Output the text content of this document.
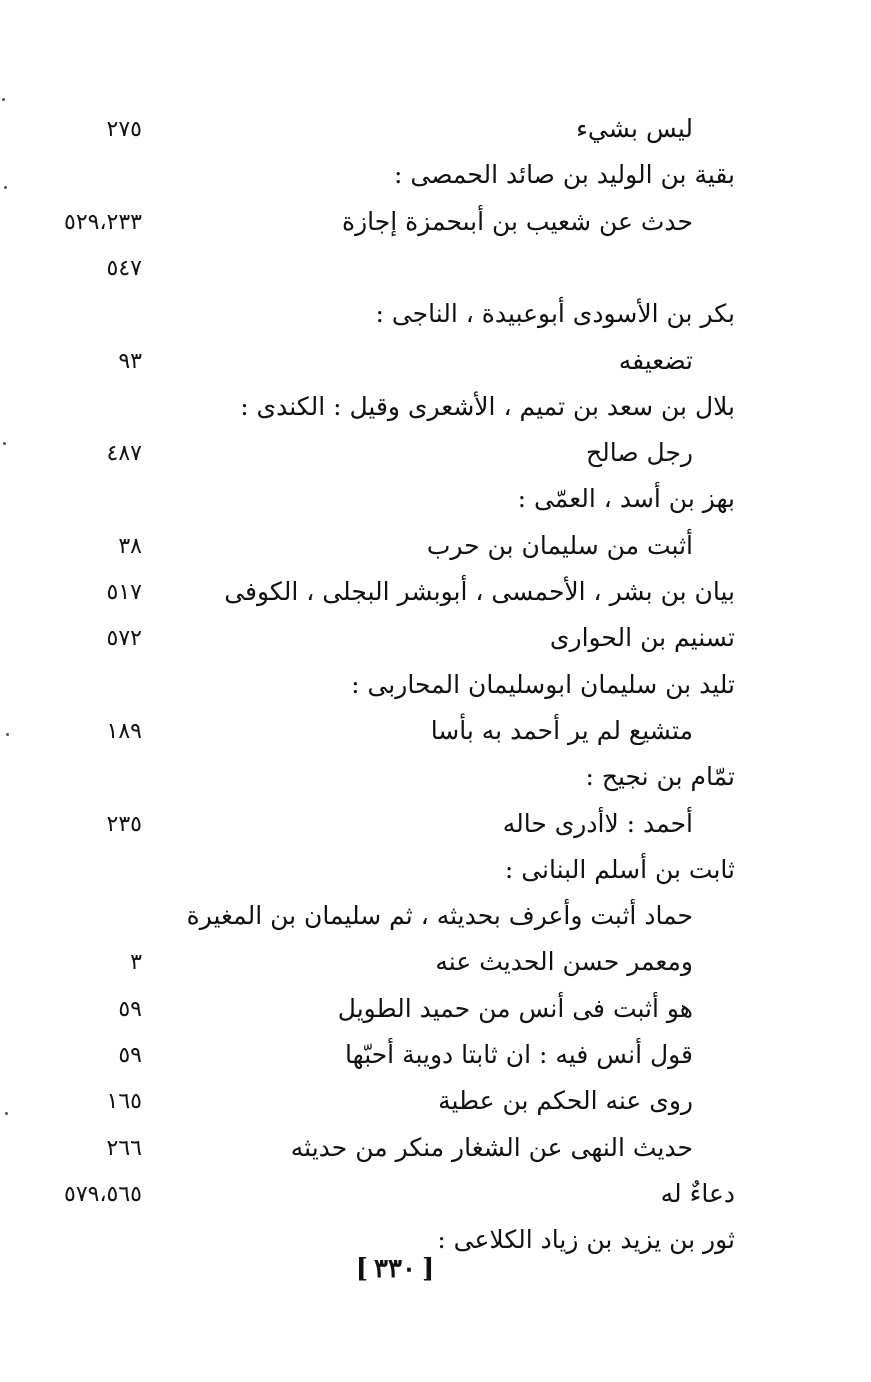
ليس بشيء
٢٧٥
بقية بن الوليد بن صائد الحمصى :
حدث عن شعيب بن أبىحمزة إجازة
٥٢٩،٢٣٣
٥٤٧
بكر بن الأسودى أبوعبيدة ، الناجى :
تضعيفه
٩٣
بلال بن سعد بن تميم ، الأشعرى وقيل : الكندى :
رجل صالح
٤٨٧
بهز بن أسد ، العمّى :
أثبت من سليمان بن حرب
٣٨
بيان بن بشر ، الأحمسى ، أبوبشر البجلى ، الكوفى
٥١٧
تسنيم بن الحوارى
٥٧٢
تليد بن سليمان ابوسليمان المحاربى :
متشيع لم ير أحمد به بأسا
١٨٩
تمّام بن نجيح :
أحمد : لاأدرى حاله
٢٣٥
ثابت بن أسلم البنانى :
حماد أثبت وأعرف بحديثه ، ثم سليمان بن المغيرة
ومعمر حسن الحديث عنه
٣
هو أثبت فى أنس من حميد الطويل
٥٩
قول أنس فيه : ان ثابتا دويبة أحبّها
٥٩
روى عنه الحكم بن عطية
١٦٥
حديث النهى عن الشغار منكر من حديثه
٢٦٦
دعاءٌ له
٥٧٩،٥٦٥
ثور بن يزيد بن زياد الكلاعى :
[٣٣٠]
